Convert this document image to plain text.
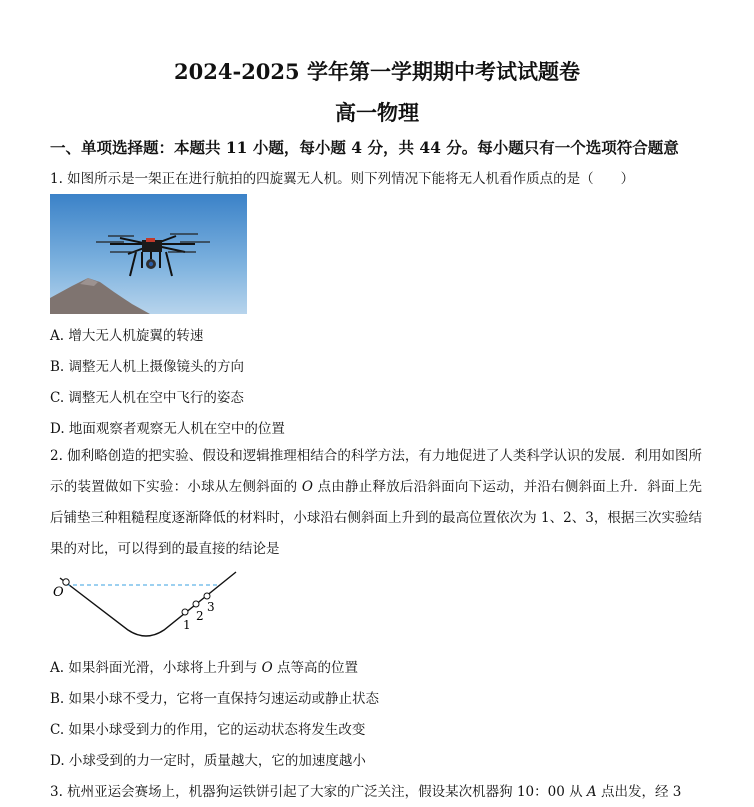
2024-2025 学年第一学期期中考试试题卷
高一物理
一、单项选择题：本题共 11 小题，每小题 4 分，共 44 分。每小题只有一个选项符合题意
1. 如图所示是一架正在进行航拍的四旋翼无人机。则下列情况下能将无人机看作质点的是（　　）
A. 增大无人机旋翼的转速
B. 调整无人机上摄像镜头的方向
C. 调整无人机在空中飞行的姿态
D. 地面观察者观察无人机在空中的位置
2. 伽利略创造的把实验、假设和逻辑推理相结合的科学方法，有力地促进了人类科学认识的发展．利用如图所示的装置做如下实验：小球从左侧斜面的 O 点由静止释放后沿斜面向下运动，并沿右侧斜面上升．斜面上先后铺垫三种粗糙程度逐渐降低的材料时，小球沿右侧斜面上升到的最高位置依次为 1、2、3，根据三次实验结果的对比，可以得到的最直接的结论是
O
1
2
3
A. 如果斜面光滑，小球将上升到与 O 点等高的位置
B. 如果小球不受力，它将一直保持匀速运动或静止状态
C. 如果小球受到力的作用，它的运动状态将发生改变
D. 小球受到的力一定时，质量越大，它的加速度越小
3. 杭州亚运会赛场上，机器狗运铁饼引起了大家的广泛关注，假设某次机器狗 10：00 从 A 点出发，经 3
